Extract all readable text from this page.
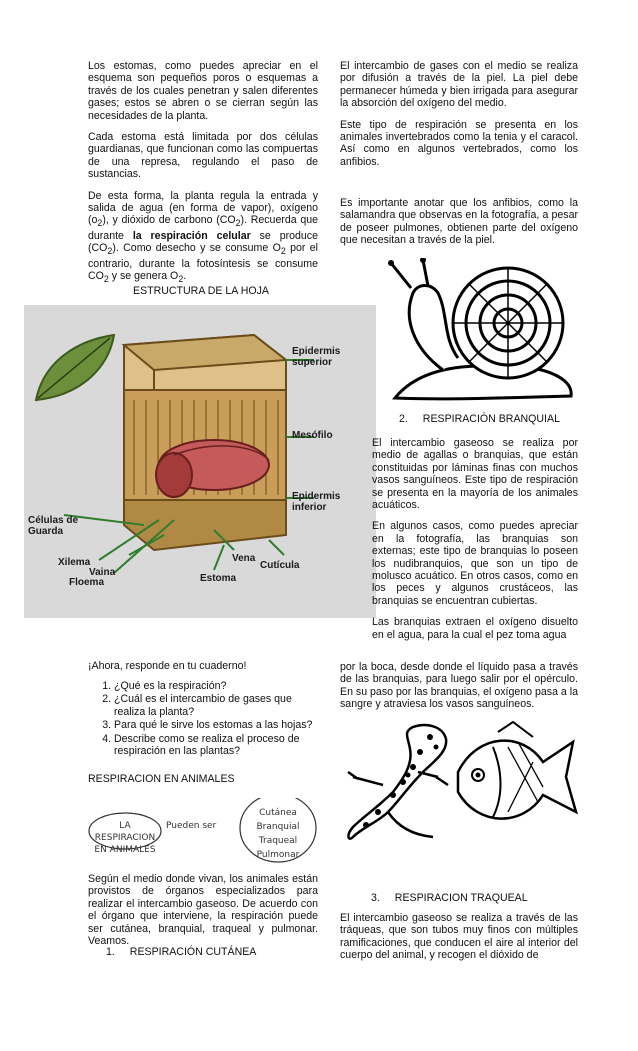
Los estomas, como puedes apreciar en el esquema son pequeños poros o esquemas a través de los cuales penetran y salen diferentes gases; estos se abren o se cierran según las necesidades de la planta.

Cada estoma está limitada por dos células guardianas, que funcionan como las compuertas de una represa, regulando el paso de sustancias.

De esta forma, la planta regula la entrada y salida de agua (en forma de vapor), oxígeno $(o_2)$, y dióxido de carbono $(CO_2)$. Recuerda que durante la respiración celular se produce $(CO_2)$. Como desecho y se consume $O_2$ por el contrario, durante la fotosíntesis se consume $CO_2$ y se genera $O_2$.

ESTRUCTURA DE LA HOJA
Epidermis superior
Mesófilo
Epidermis inferior
Células de Guarda
Xilema
Vaina
Floema
Vena
Estoma
Cutícula
¡Ahora, responde en tu cuaderno!
1. ¿Qué es la respiración?
2. ¿Cuál es el intercambio de gases que realiza la planta?
3. Para qué le sirve los estomas a las hojas?
4. Describe como se realiza el proceso de respiración en las plantas?
RESPIRACION EN ANIMALES
LA RESPIRACION EN ANIMALES
Pueden ser
Cutánea
Branquial
Traqueal
Pulmonar

Según el medio donde vivan, los animales están provistos de órganos especializados para realizar el intercambio gaseoso. De acuerdo con el órgano que interviene, la respiración puede ser cutánea, branquial, traqueal y pulmonar. Veamos.

1. RESPIRACIÓN CUTÁNEA

El intercambio de gases con el medio se realiza por difusión a través de la piel. La piel debe permanecer húmeda y bien irrigada para asegurar la absorción del oxígeno del medio.

Este tipo de respiración se presenta en los animales invertebrados como la tenia y el caracol. Así como en algunos vertebrados, como los anfibios.

Es importante anotar que los anfibios, como la salamandra que observas en la fotografía, a pesar de poseer pulmones, obtienen parte del oxígeno que necesitan a través de la piel.

2. RESPIRACIÓN BRANQUIAL

El intercambio gaseoso se realiza por medio de agallas o branquias, que están constituidas por láminas finas con muchos vasos sanguíneos. Este tipo de respiración se presenta en la mayoría de los animales acuáticos.

En algunos casos, como puedes apreciar en la fotografía, las branquias son externas; este tipo de branquias lo poseen los nudibranquios, que son un tipo de molusco acuático. En otros casos, como en los peces y algunos crustáceos, las branquias se encuentran cubiertas.

Las branquias extraen el oxígeno disuelto en el agua, para la cual el pez toma agua
por la boca, desde donde el líquido pasa a través de las branquias, para luego salir por el opérculo. En su paso por las branquias, el oxígeno pasa a la sangre y atraviesa los vasos sanguíneos.
3. RESPIRACION TRAQUEAL
El intercambio gaseoso se realiza a través de las tráqueas, que son tubos muy finos con múltiples ramificaciones, que conducen el aire al interior del cuerpo del animal, y recogen el dióxido de
